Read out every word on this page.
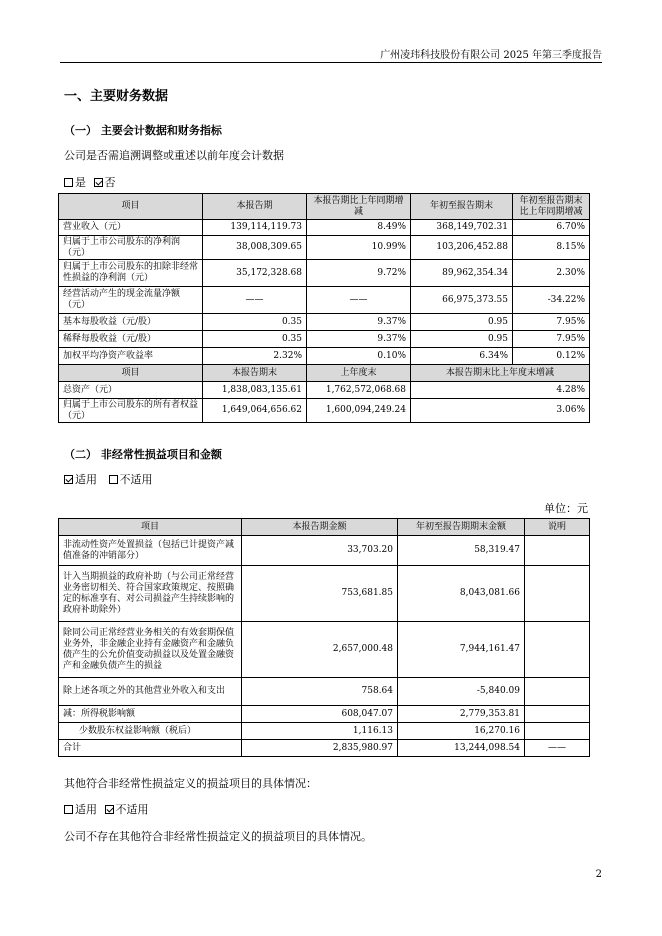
广州凌玮科技股份有限公司 2025 年第三季度报告
一、主要财务数据
（一） 主要会计数据和财务指标
公司是否需追溯调整或重述以前年度会计数据
是 否
项目	本报告期	本报告期比上年同期增减	年初至报告期末	年初至报告期末比上年同期增减
营业收入（元）	139,114,119.73	8.49%	368,149,702.31	6.70%
归属于上市公司股东的净利润（元）	38,008,309.65	10.99%	103,206,452.88	8.15%
归属于上市公司股东的扣除非经常性损益的净利润（元）	35,172,328.68	9.72%	89,962,354.34	2.30%
经营活动产生的现金流量净额（元）	——	——	66,975,373.55	-34.22%
基本每股收益（元/股）	0.35	9.37%	0.95	7.95%
稀释每股收益（元/股）	0.35	9.37%	0.95	7.95%
加权平均净资产收益率	2.32%	0.10%	6.34%	0.12%
项目	本报告期末	上年度末	本报告期末比上年度末增减	
总资产（元）	1,838,083,135.61	1,762,572,068.68	4.28%	
归属于上市公司股东的所有者权益（元）	1,649,064,656.62	1,600,094,249.24	3.06%	
（二） 非经常性损益项目和金额
适用 不适用
单位：元
项目	本报告期金额	年初至报告期期末金额	说明
非流动性资产处置损益（包括已计提资产减值准备的冲销部分）	33,703.20	58,319.47	
计入当期损益的政府补助（与公司正常经营业务密切相关、符合国家政策规定、按照确定的标准享有、对公司损益产生持续影响的政府补助除外）	753,681.85	8,043,081.66	
除同公司正常经营业务相关的有效套期保值业务外，非金融企业持有金融资产和金融负债产生的公允价值变动损益以及处置金融资产和金融负债产生的损益	2,657,000.48	7,944,161.47	
除上述各项之外的其他营业外收入和支出	758.64	-5,840.09	
减：所得税影响额	608,047.07	2,779,353.81	
少数股东权益影响额（税后）	1,116.13	16,270.16	
合计	2,835,980.97	13,244,098.54	——
其他符合非经常性损益定义的损益项目的具体情况：
适用 不适用
公司不存在其他符合非经常性损益定义的损益项目的具体情况。
2
